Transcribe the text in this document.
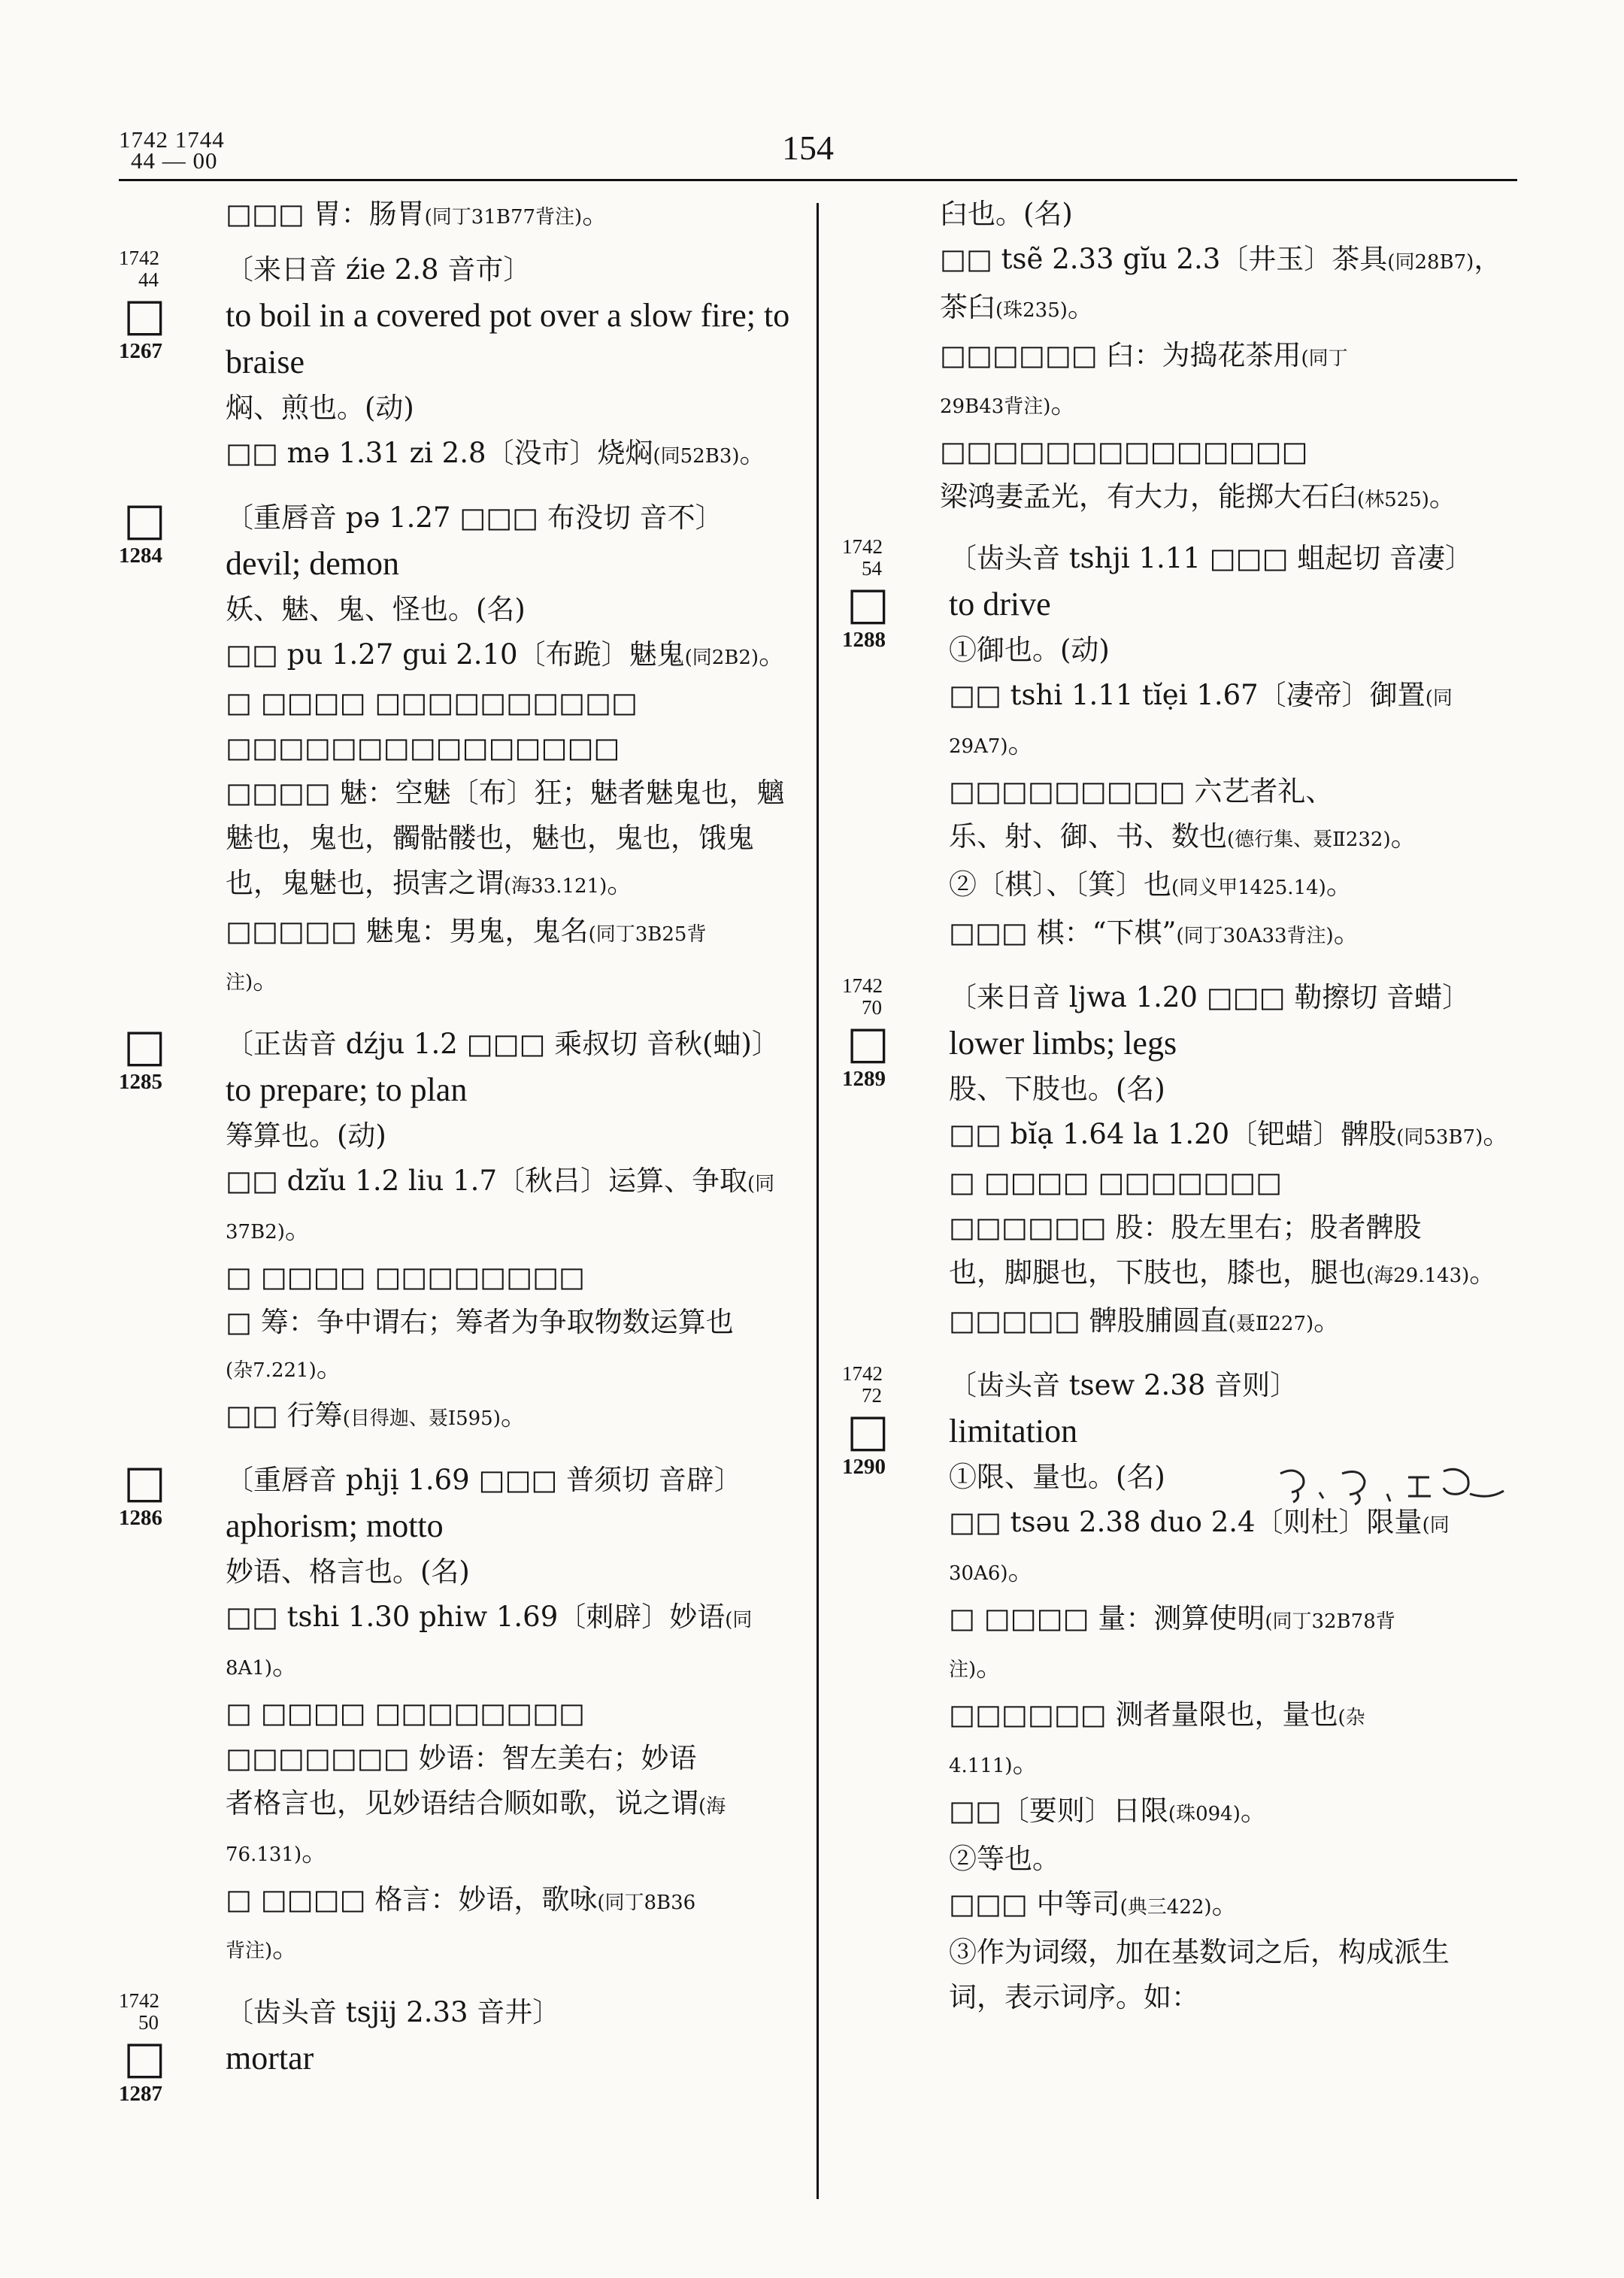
1742 1744
44 — 00	154
□□□ 胃：肠胃(同丁31B77背注)。
1742
44
□
1267
〔来日音 źie 2.8 音市〕
to boil in a covered pot over a slow fire; to
braise
焖、煎也。(动)
□□ mə 1.31 zi 2.8〔没市〕烧焖(同52B3)。
□
1284
〔重唇音 pə 1.27 □□□ 布没切 音不〕
devil; demon
妖、魅、鬼、怪也。(名)
□□ pu 1.27 gui 2.10〔布跪〕魅鬼(同2B2)。
□ □□□□ □□□□□□□□□□
□□□□□□□□□□□□□□□
□□□□ 魅：空魅〔布〕狂；魅者魅鬼也，魑
魅也，鬼也，髑骷髅也，魅也，鬼也，饿鬼
也，鬼魅也，损害之谓(海33.121)。
□□□□□ 魅鬼：男鬼，鬼名(同丁3B25背
注)。
□
1285
〔正齿音 dźju 1.2 □□□ 乘叔切 音秋(蚰)〕
to prepare; to plan
筹算也。(动)
□□ dzĭu 1.2 liu 1.7〔秋吕〕运算、争取(同
37B2)。
□ □□□□ □□□□□□□□
□ 筹：争中谓右；筹者为争取物数运算也
(杂7.221)。
□□ 行筹(目得迦、聂Ⅰ595)。
□
1286
〔重唇音 phjị 1.69 □□□ 普须切 音辟〕
aphorism; motto
妙语、格言也。(名)
□□ tshi 1.30 phiw 1.69〔刺辟〕妙语(同8A1)。
□ □□□□ □□□□□□□□
□□□□□□□ 妙语：智左美右；妙语
者格言也，见妙语结合顺如歌，说之谓(海
76.131)。
□ □□□□ 格言：妙语，歌咏(同丁8B36
背注)。
1742
50
□
1287
〔齿头音 tsjij 2.33 音井〕
mortar
臼也。(名)
□□ tsẽ 2.33 gĭu 2.3〔井玉〕茶具(同28B7)，
茶臼(珠235)。
□□□□□□ 臼：为捣花茶用(同丁
29B43背注)。
□□□□□□□□□□□□□□
梁鸿妻孟光，有大力，能掷大石臼(林525)。
1742
54
□
1288
〔齿头音 tshji 1.11 □□□ 蛆起切 音凄〕
to drive
①御也。(动)
□□ tshi 1.11 tĭẹi 1.67〔凄帝〕御置(同
29A7)。
□□□□□□□□□ 六艺者礼、
乐、射、御、书、数也(德行集、聂Ⅱ232)。
②〔棋〕、〔箕〕也(同义甲1425.14)。
□□□ 棋：“下棋”(同丁30A33背注)。
1742
70
□
1289
〔来日音 ljwa 1.20 □□□ 勒擦切 音蜡〕
lower limbs; legs
股、下肢也。(名)
□□ bĭạ 1.64 la 1.20〔钯蜡〕髀股(同53B7)。
□ □□□□ □□□□□□□
□□□□□□ 股：股左里右；股者髀股
也，脚腿也，下肢也，膝也，腿也(海29.143)。
□□□□□ 髀股脯圆直(聂Ⅱ227)。
1742
72
□
1290
〔齿头音 tsew 2.38 音则〕
limitation
①限、量也。(名)
□□ tsəu 2.38 duo 2.4〔则杜〕限量(同
30A6)。
□ □□□□ 量：测算使明(同丁32B78背
注)。
□□□□□□ 测者量限也，量也(杂
4.111)。
□□〔要则〕日限(珠094)。
②等也。
□□□ 中等司(典三422)。
③作为词缀，加在基数词之后，构成派生
词，表示词序。如：
